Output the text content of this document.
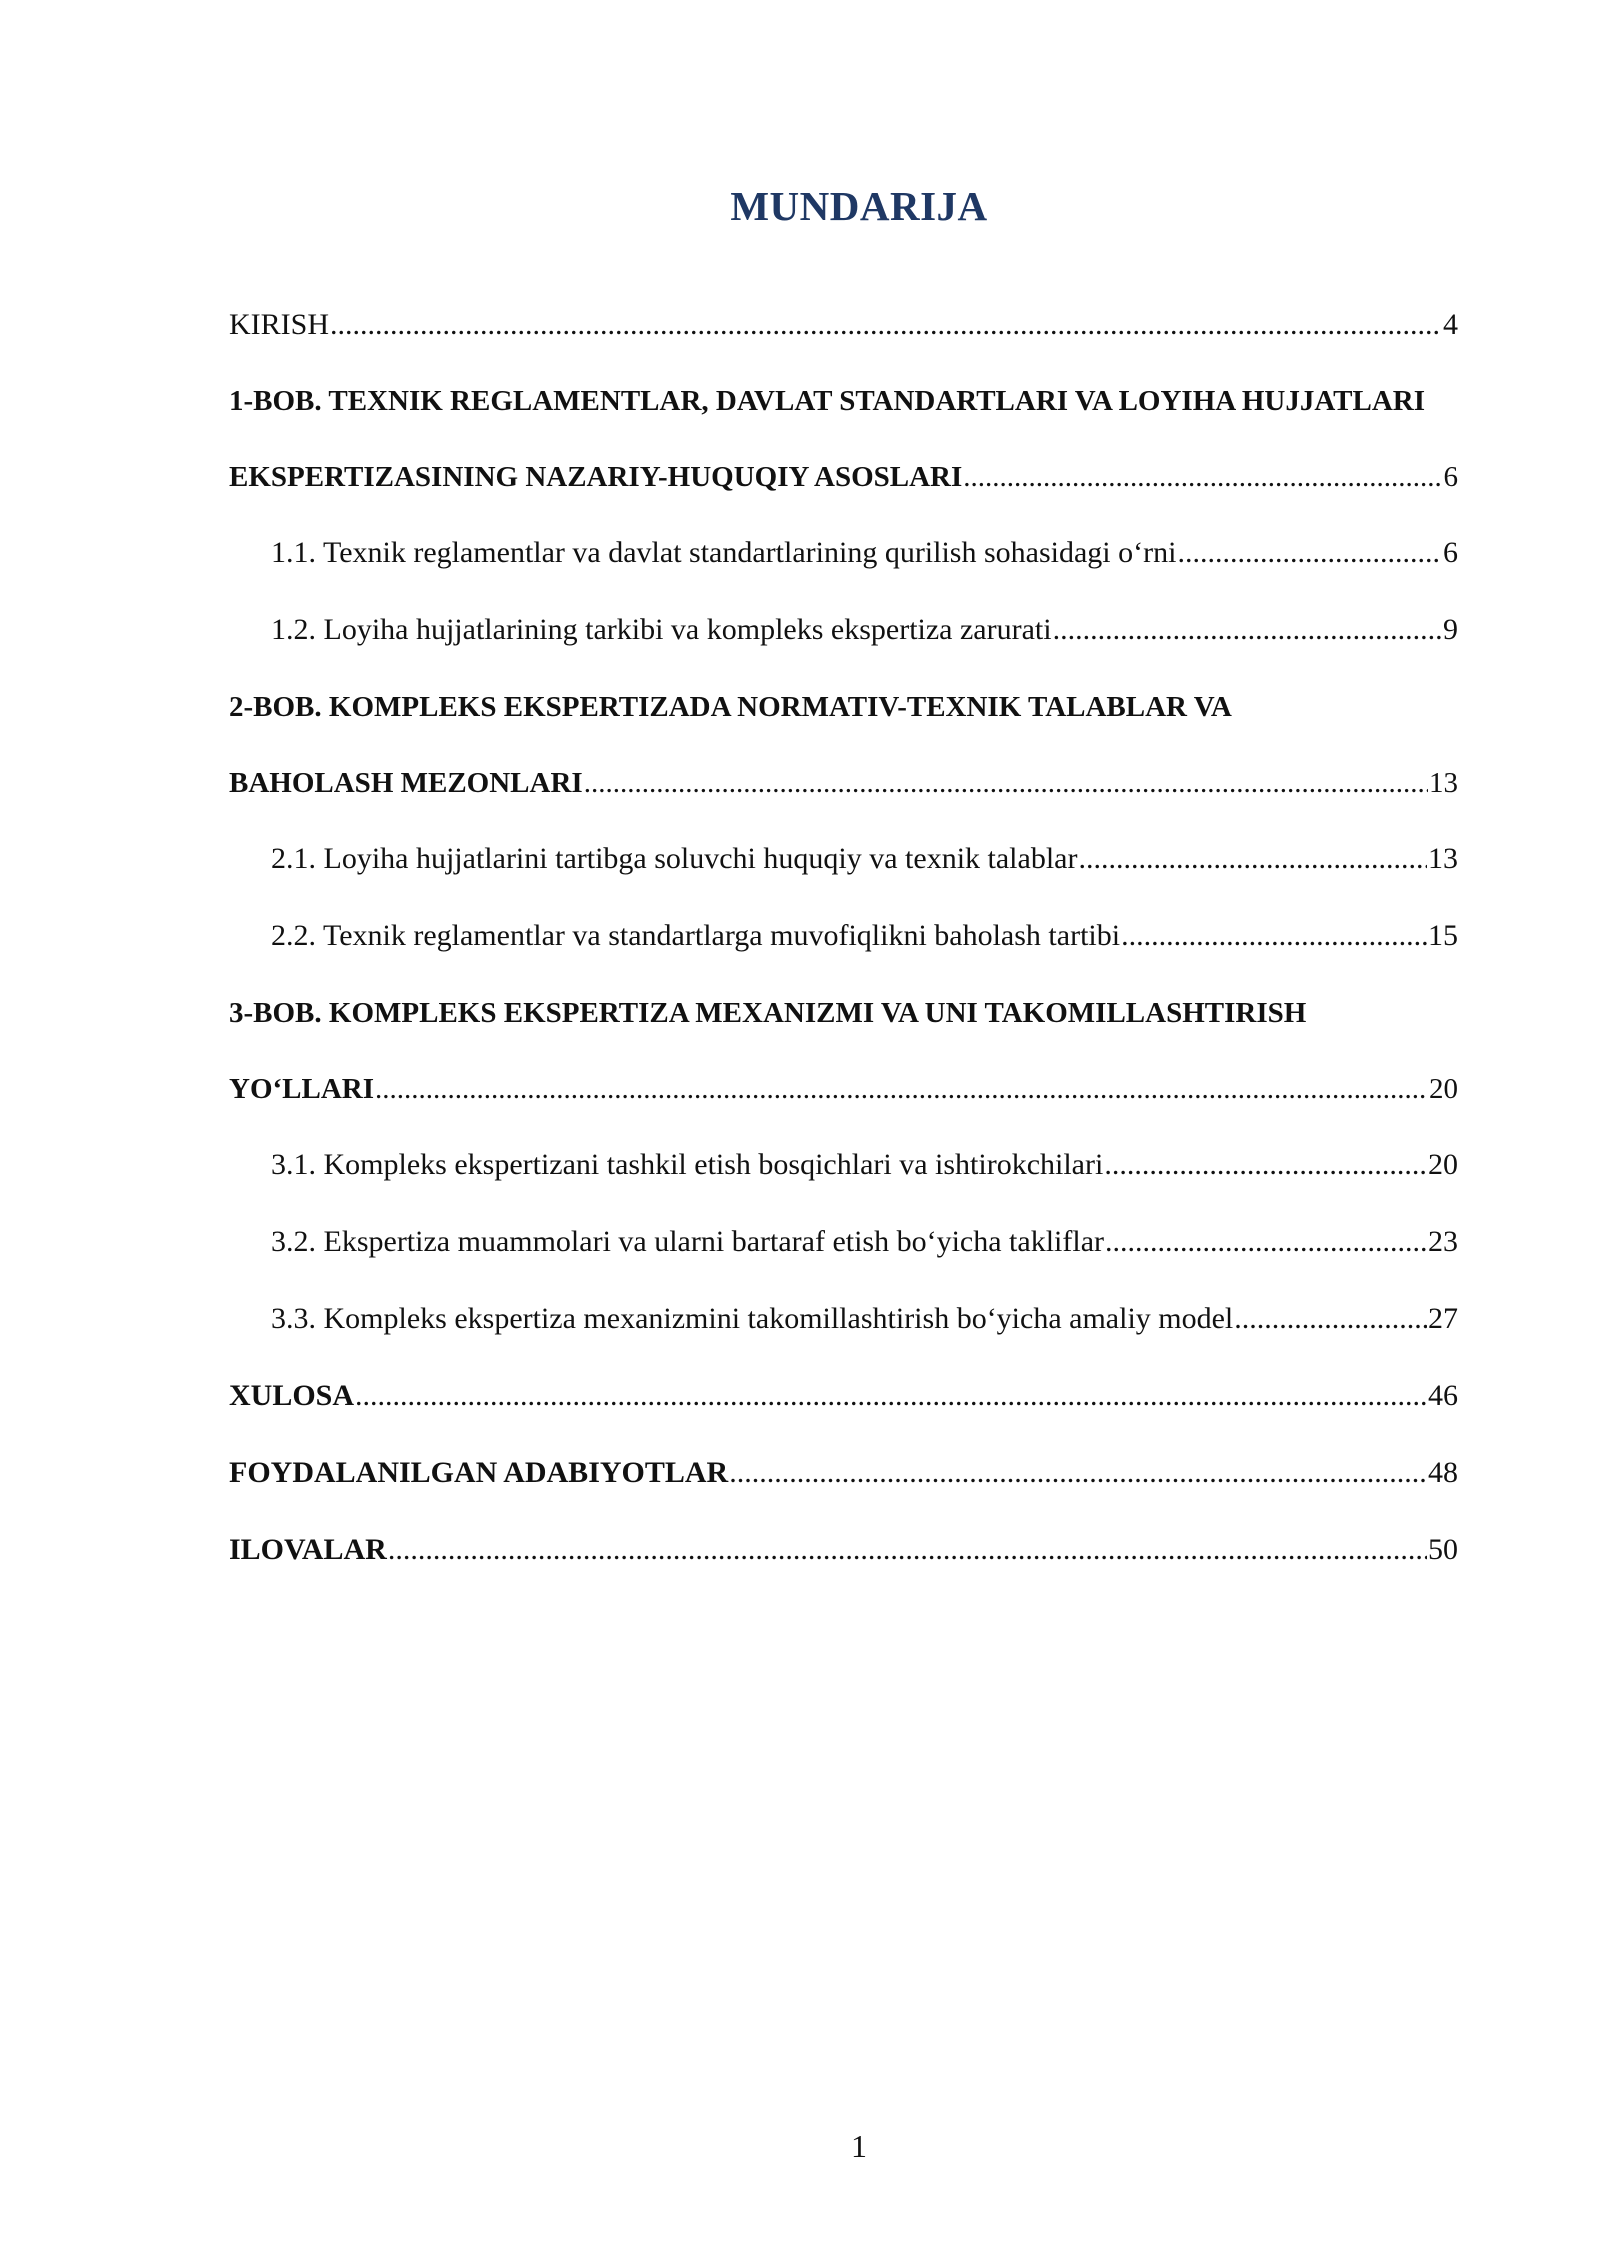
MUNDARIJA
KIRISH .....	4
1-BOB. TEXNIK REGLAMENTLAR, DAVLAT STANDARTLARI VA LOYIHA HUJJATLARI
EKSPERTIZASINING NAZARIY-HUQUQIY ASOSLARI .....	6
1.1. Texnik reglamentlar va davlat standartlarining qurilish sohasidagi o‘rni .....	6
1.2. Loyiha hujjatlarining tarkibi va kompleks ekspertiza zarurati .....	9
2-BOB. KOMPLEKS EKSPERTIZADA NORMATIV-TEXNIK TALABLAR VA
BAHOLASH MEZONLARI .....	13
2.1. Loyiha hujjatlarini tartibga soluvchi huquqiy va texnik talablar .....	13
2.2. Texnik reglamentlar va standartlarga muvofiqlikni baholash tartibi .....	15
3-BOB. KOMPLEKS EKSPERTIZA MEXANIZMI VA UNI TAKOMILLASHTIRISH
YO‘LLARI .....	20
3.1. Kompleks ekspertizani tashkil etish bosqichlari va ishtirokchilari .....	20
3.2. Ekspertiza muammolari va ularni bartaraf etish bo‘yicha takliflar .....	23
3.3. Kompleks ekspertiza mexanizmini takomillashtirish bo‘yicha amaliy model .....	27
XULOSA .....	46
FOYDALANILGAN ADABIYOTLAR .....	48
ILOVALAR .....	50
1
